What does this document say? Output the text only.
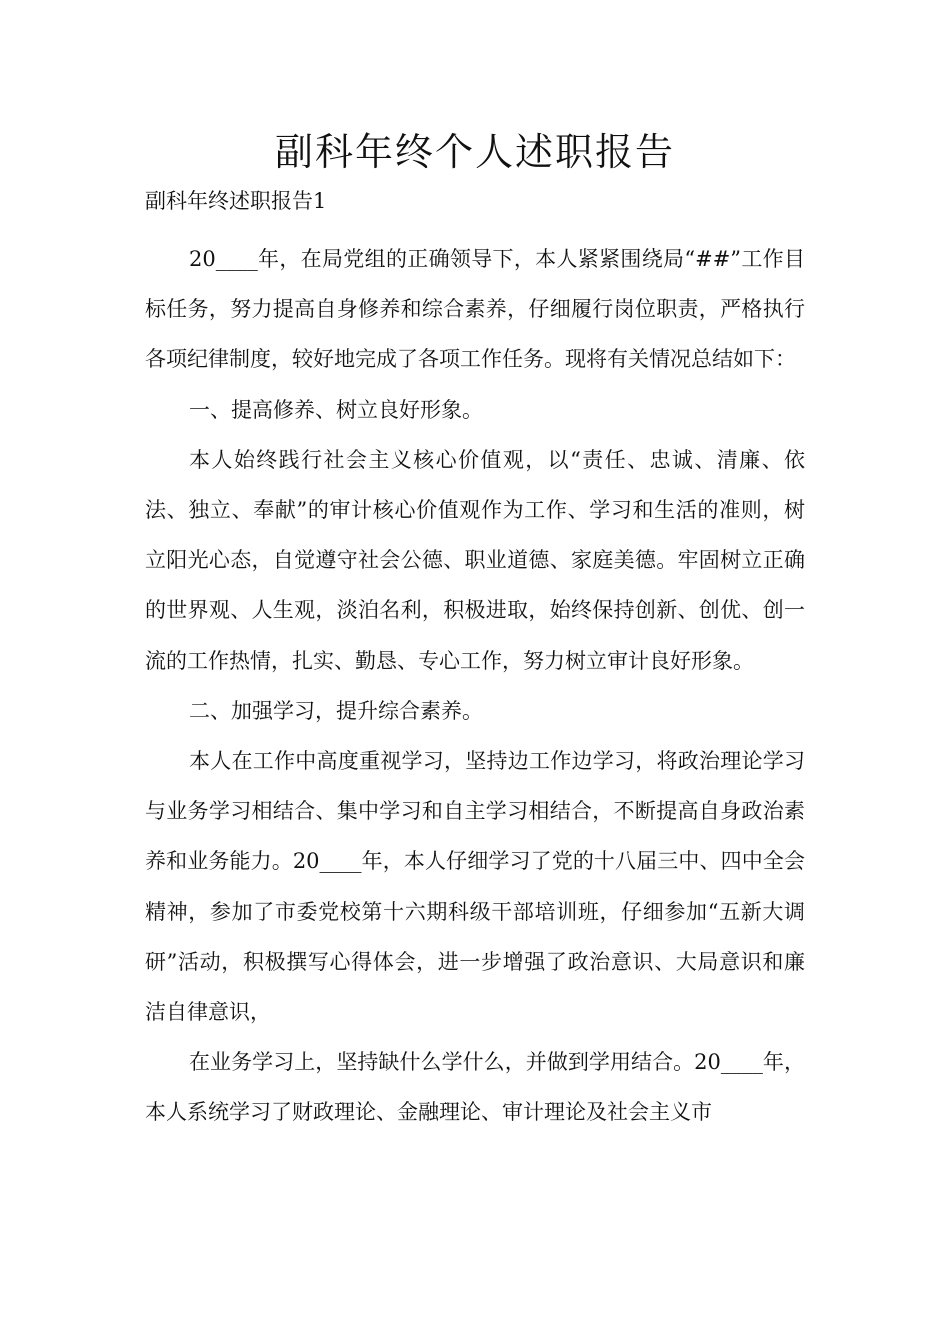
副科年终个人述职报告

副科年终述职报告1

20____年，在局党组的正确领导下，本人紧紧围绕局“##”工作目标任务，努力提高自身修养和综合素养，仔细履行岗位职责，严格执行各项纪律制度，较好地完成了各项工作任务。现将有关情况总结如下：

一、提高修养、树立良好形象。

本人始终践行社会主义核心价值观，以“责任、忠诚、清廉、依法、独立、奉献”的审计核心价值观作为工作、学习和生活的准则，树立阳光心态，自觉遵守社会公德、职业道德、家庭美德。牢固树立正确的世界观、人生观，淡泊名利，积极进取，始终保持创新、创优、创一流的工作热情，扎实、勤恳、专心工作，努力树立审计良好形象。

二、加强学习，提升综合素养。

本人在工作中高度重视学习，坚持边工作边学习，将政治理论学习与业务学习相结合、集中学习和自主学习相结合，不断提高自身政治素养和业务能力。20____年，本人仔细学习了党的十八届三中、四中全会精神，参加了市委党校第十六期科级干部培训班，仔细参加“五新大调研”活动，积极撰写心得体会，进一步增强了政治意识、大局意识和廉洁自律意识，

在业务学习上，坚持缺什么学什么，并做到学用结合。20____年，本人系统学习了财政理论、金融理论、审计理论及社会主义市
